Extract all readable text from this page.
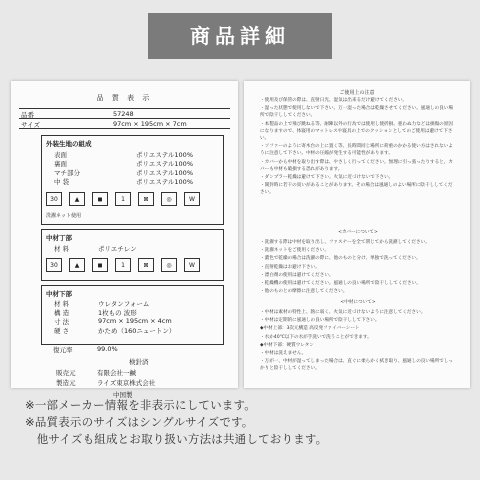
商品詳細
品 質 表 示
品番	57248
サイズ	97cm × 195cm × 7cm
外装生地の組成
表面	ポリエステル100%
裏面	ポリエステル100%
マチ部分	ポリエステル100%
中 袋	ポリエステル100%
30	▲	◼	1	⊠	◎	W
洗濯ネット使用
中材丁部
材 料	ポリエチレン
30	▲	◼	1	⊠	◎	W
中材下部
材 料	ウレタンフォーム
構 造	1枚もの 波形
寸 法	97cm × 195cm × 4cm
硬 さ	かため（160ニュートン）
復元率	99.0%
検針済
販売元	有限会社一鹹
製造元	ライズ東京株式会社
中国製
ご使用上の注意
・使用及び保管の際は、直射日光、湿気は出来るだけ避けてください。
・湿った状態で使用しないで下さい。万一湿った場合は乾燥させてください。風通しの良い場所で陰干ししてください。
・本製品の上で飛び跳ねる等、耐陳以外の行為では使用し使折損、亜わぬ力などは損傷の原因になりますので、体寝用のマットレスや寝具の上でのクッションとしてのご使用は避けて下さい。
・ソファーのように寄木台の上に置く等、長時間同じ場所に荷重のかかる使い方はされないように注意して下さい。中材の圧縮が発生する可能性があります。
・カバーから中材を取り出す際は、やさしく行ってください。無理に引っ張ったりすると、カバーも中材も破損する恐れがあります。
・ダンプラー乾燥は避けて下さい。火気に近づけないで下さい。
・開封時に若干の臭いがあることがあります。その場合は風通しのよい場所に陰干ししてください。
<カバーについて>
・洗濯する際は中材を取り出し、ファスナーを全て閉じてから洗濯してください。
・洗濯ネットをご使用ください。
・濃色で乾燥の場合は洗濯の際に、他のものと分け、単独で洗ってください。
・直射乾燥はお避け下さい。
・漂白剤の使用は避けてください。
・乾燥機の使用は避けてください。風通しの良い場所で陰干ししてください。
・他のものとの摩擦に注意してください。
<中材について>
・中材は素材の特性上、熱に弱く、火気に近づけないように注意してください。
・中材は定期的に風通しの良い場所で陰干しして下さい。
◆中材上部：3次元構造 高反発ファイバーシート
・水か40℃以下の水が手洗いで洗うことができます。
◆中材下部：硬質ウレタン
・中材は洗えません。
・万が一、中材が湿ってしまった場合は、直ぐに柔らかく拭き取り、風通しの良い場所でしっかりと陰干ししてください。
※一部メーカー情報を非表示にしています。
※品質表示のサイズはシングルサイズです。
　他サイズも組成とお取り扱い方法は共通しております。
